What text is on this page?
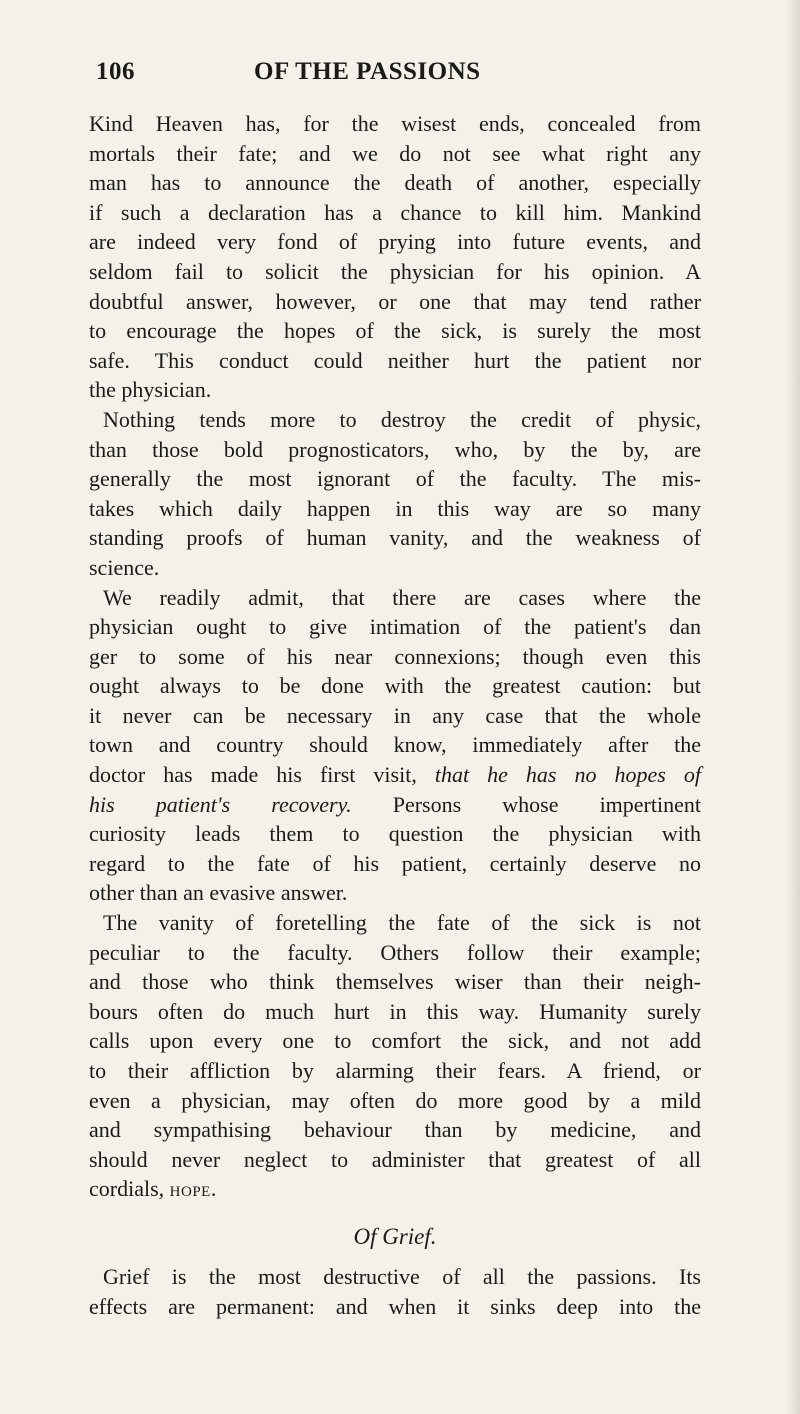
106	OF THE PASSIONS
Kind Heaven has, for the wisest ends, concealed from
mortals their fate; and we do not see what right any
man has to announce the death of another, especially
if such a declaration has a chance to kill him. Mankind
are indeed very fond of prying into future events, and
seldom fail to solicit the physician for his opinion. A
doubtful answer, however, or one that may tend rather
to encourage the hopes of the sick, is surely the most
safe. This conduct could neither hurt the patient nor
the physician.
Nothing tends more to destroy the credit of physic,
than those bold prognosticators, who, by the by, are
generally the most ignorant of the faculty. The mis-
takes which daily happen in this way are so many
standing proofs of human vanity, and the weakness of
science.
We readily admit, that there are cases where the
physician ought to give intimation of the patient's dan
ger to some of his near connexions; though even this
ought always to be done with the greatest caution: but
it never can be necessary in any case that the whole
town and country should know, immediately after the
doctor has made his first visit, that he has no hopes of
his patient's recovery. Persons whose impertinent
curiosity leads them to question the physician with
regard to the fate of his patient, certainly deserve no
other than an evasive answer.
The vanity of foretelling the fate of the sick is not
peculiar to the faculty. Others follow their example;
and those who think themselves wiser than their neigh-
bours often do much hurt in this way. Humanity surely
calls upon every one to comfort the sick, and not add
to their affliction by alarming their fears. A friend, or
even a physician, may often do more good by a mild
and sympathising behaviour than by medicine, and
should never neglect to administer that greatest of all
cordials, hope.
Of Grief.
Grief is the most destructive of all the passions. Its
effects are permanent: and when it sinks deep into the
